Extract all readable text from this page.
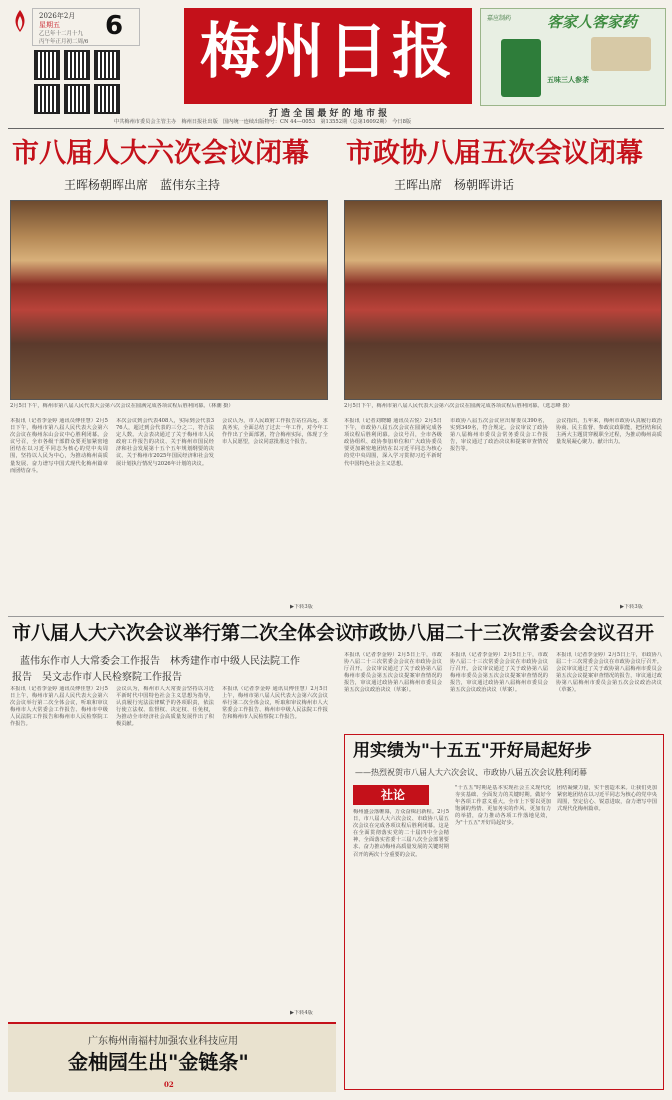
2026年2月
星期五
乙巳年十二月十九
丙午年正月初二周/6
6 梅州日报
打 造 全 国 最 好 的 地 市 报
嘉应制药 客家人客家药
五味三人参茶
中共梅州市委员会主管主办　梅州日报社出版　国内统一连续出版物号：CN 44—0053　第13552期（总第16092期）　今日8版
市八届人大六次会议闭幕
王晖杨朝晖出席　蓝伟东主持
2月5日下午，梅州市第八届人民代表大会第六次会议在圆满完成各项议程后胜利闭幕。（林潮 摄）
市政协八届五次会议闭幕
王晖出席　杨朝晖讲话
2月5日下午，梅州市第八届人民代表大会第六次会议在圆满完成各项议程后胜利闭幕。（选志峰 摄）
本报讯（记者李金婷 通讯员傅佳慧）2月5日下午，梅州市第八届人民代表大会第六次会议在梅州东山会议中心胜利闭幕。会议号召，全市各级干部群众要更加紧密地团结在以习近平同志为核心的党中央周围，坚持以人民为中心，为推动梅州高质量发展、奋力谱写中国式现代化梅州篇章而团结奋斗。
本次会议到会代表408人，实际到会代表376人，超过到会代表的三分之二，符合法定人数。大会表决通过了关于梅州市人民政府工作报告的决议、关于梅州市国民经济和社会发展第十五个五年规划纲要的决议、关于梅州市2025年国民经济和社会发展计划执行情况与2026年计划的决议。
会议认为，市人民政府工作报告站位高远、求真务实，全面总结了过去一年工作，对今年工作作出了全面部署，符合梅州实际，体现了全市人民愿望，会议同意批准这个报告。
▶下转3版
本报讯（记者刘晓璐 通讯员古悦）2月5日下午，市政协八届五次会议在圆满完成各项议程后胜利闭幕。会议号召，全市各级政协组织、政协参加单位和广大政协委员要更加紧密地团结在以习近平同志为核心的党中央周围，深入学习贯彻习近平新时代中国特色社会主义思想。
市政协八届五次会议应出席委员390名，实到349名，符合规定。会议审议了政协第八届梅州市委员会常务委员会工作报告，审议通过了政治决议和提案审查情况报告等。
会议指出，五年来，梅州市政协认真履行政治协商、民主监督、参政议政职能，把团结和民主两大主题贯穿履职全过程，为推动梅州高质量发展凝心聚力、献计出力。
▶下转3版
市八届人大六次会议举行第二次全体会议
蓝伟东作市人大常委会工作报告　林秀建作市中级人民法院工作
报告　吴文志作市人民检察院工作报告
本报讯（记者李金婷 通讯员傅佳慧）2月5日上午，梅州市第八届人民代表大会第六次会议举行第二次全体会议，听取和审议梅州市人大常委会工作报告、梅州市中级人民法院工作报告和梅州市人民检察院工作报告。
会议认为，梅州市人大常委会坚持以习近平新时代中国特色社会主义思想为指导，认真履行宪法法律赋予的各项职责，依法行使立法权、监督权、决定权、任免权，为推动全市经济社会高质量发展作出了积极贡献。
本报讯（记者李金婷 通讯员傅佳慧）2月5日上午，梅州市第八届人民代表大会第六次会议举行第二次全体会议，听取和审议梅州市人大常委会工作报告、梅州市中级人民法院工作报告和梅州市人民检察院工作报告。
▶下转4版
市政协八届二十三次常委会会议召开
本报讯（记者李金婷）2月5日上午，市政协八届二十三次常委会会议在市政协会议厅召开。会议审议通过了关于政协第八届梅州市委员会第五次会议提案审查情况的报告，审议通过政协第八届梅州市委员会第五次会议政治决议（草案）。
本报讯（记者李金婷）2月5日上午，市政协八届二十三次常委会会议在市政协会议厅召开。会议审议通过了关于政协第八届梅州市委员会第五次会议提案审查情况的报告，审议通过政协第八届梅州市委员会第五次会议政治决议（草案）。
本报讯（记者李金婷）2月5日上午，市政协八届二十三次常委会会议在市政协会议厅召开。会议审议通过了关于政协第八届梅州市委员会第五次会议提案审查情况的报告，审议通过政协第八届梅州市委员会第五次会议政治决议（草案）。
用实绩为"十五五"开好局起好步
——热烈祝贺市八届人大六次会议、市政协八届五次会议胜利闭幕
社论
梅州盛会落帷幕，万众奋楫启新程。2月5日，市八届人大六次会议、市政协八届五次会议在完成各项议程后胜利闭幕。这是在全面贯彻落实党的二十届四中全会精神、全面落实省委十三届八次全会部署要求、奋力推动梅州高质量发展的关键时期召开的两次十分重要的会议。
"十五五"时期是基本实现社会主义现代化夯实基础、全面发力的关键时期。做好今年各项工作意义重大。全市上下要以更加饱满的热情、更加务实的作风、更加有力的举措，奋力推动各项工作落地见效，为"十五五"开好局起好步。
团结凝聚力量，实干创造未来。让我们更加紧密地团结在以习近平同志为核心的党中央周围，坚定信心、锐意进取，奋力谱写中国式现代化梅州篇章。
广东梅州南福村加强农业科技应用
金柚园生出"金链条"
02
